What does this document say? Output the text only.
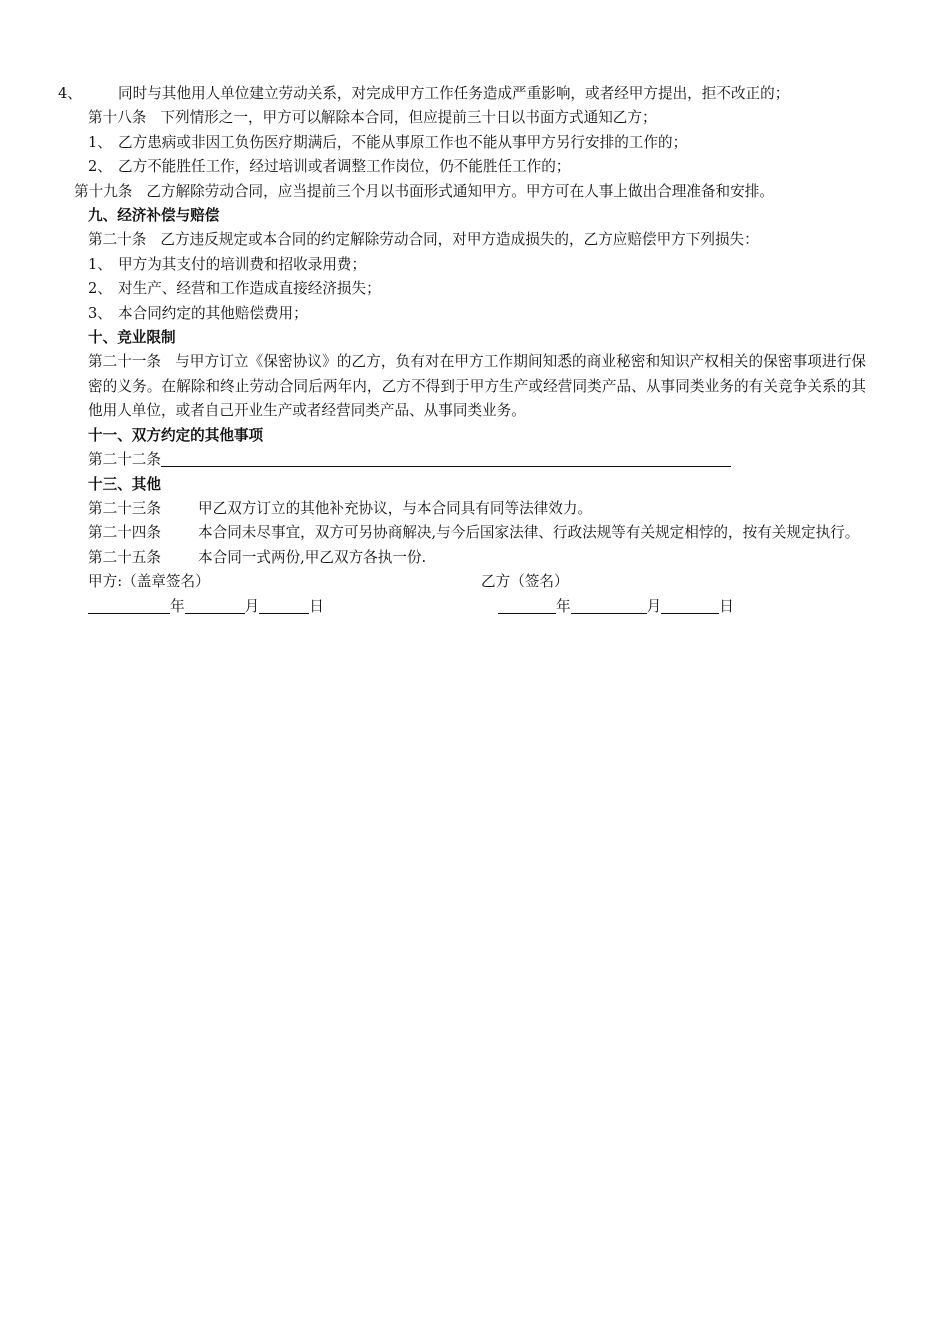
4、 同时与其他用人单位建立劳动关系，对完成甲方工作任务造成严重影响，或者经甲方提出，拒不改正的；

第十八条 下列情形之一，甲方可以解除本合同，但应提前三十日以书面方式通知乙方；

1、 乙方患病或非因工负伤医疗期满后，不能从事原工作也不能从事甲方另行安排的工作的；

2、 乙方不能胜任工作，经过培训或者调整工作岗位，仍不能胜任工作的；

第十九条 乙方解除劳动合同，应当提前三个月以书面形式通知甲方。甲方可在人事上做出合理准备和安排。

九、经济补偿与赔偿

第二十条 乙方违反规定或本合同的约定解除劳动合同，对甲方造成损失的，乙方应赔偿甲方下列损失：

1、 甲方为其支付的培训费和招收录用费；

2、 对生产、经营和工作造成直接经济损失；

3、 本合同约定的其他赔偿费用；

十、竞业限制

第二十一条 与甲方订立《保密协议》的乙方，负有对在甲方工作期间知悉的商业秘密和知识产权相关的保密事项进行保密的义务。在解除和终止劳动合同后两年内，乙方不得到于甲方生产或经营同类产品、从事同类业务的有关竞争关系的其他用人单位，或者自己开业生产或者经营同类产品、从事同类业务。

十一、双方约定的其他事项

第二十二条

十三、其他

第二十三条	甲乙双方订立的其他补充协议，与本合同具有同等法律效力。

第二十四条	本合同未尽事宜，双方可另协商解决,与今后国家法律、行政法规等有关规定相悖的，按有关规定执行。

第二十五条	本合同一式两份,甲乙双方各执一份.

甲方:（盖章签名）	乙方（签名）
年	月	日	年	月	日
